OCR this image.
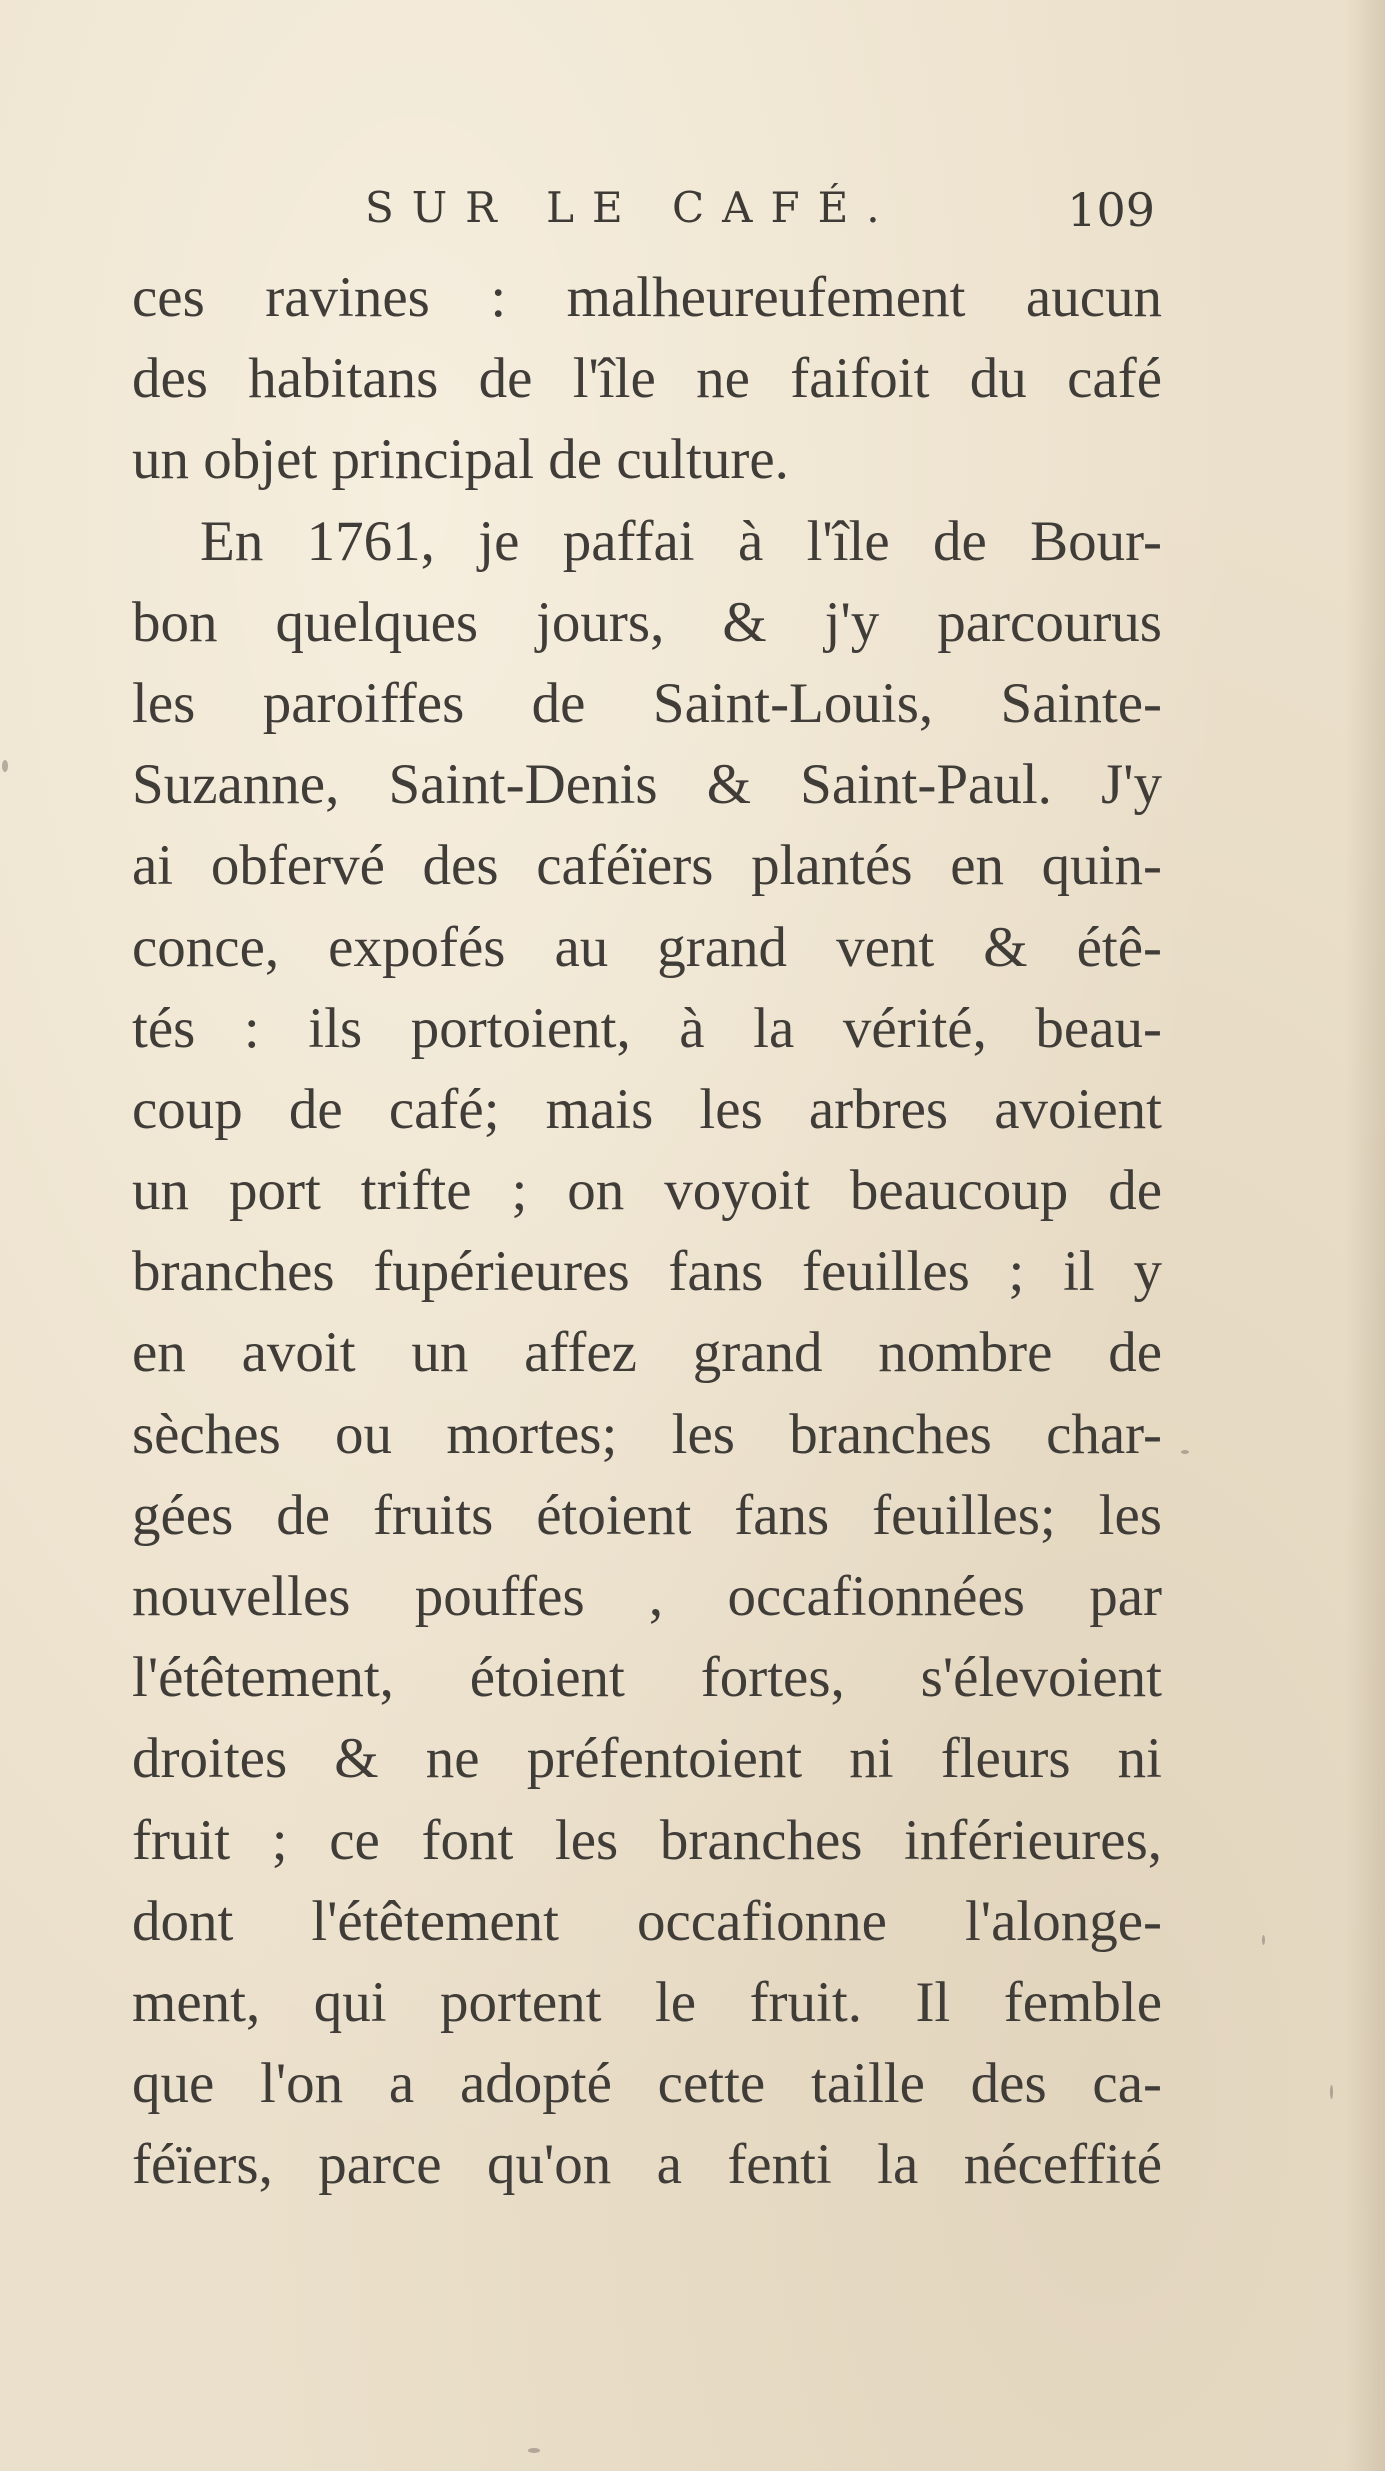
SUR LE CAFÉ.	109
ces ravines : malheureufement aucun
des habitans de l'île ne faifoit du café
un objet principal de culture.
En 1761, je paffai à l'île de Bour-
bon quelques jours, & j'y parcourus
les paroiffes de Saint-Louis, Sainte-
Suzanne, Saint-Denis & Saint-Paul. J'y
ai obfervé des caféïers plantés en quin-
conce, expofés au grand vent & étê-
tés : ils portoient, à la vérité, beau-
coup de café; mais les arbres avoient
un port trifte ; on voyoit beaucoup de
branches fupérieures fans feuilles ; il y
en avoit un affez grand nombre de
sèches ou mortes; les branches char-
gées de fruits étoient fans feuilles; les
nouvelles pouffes , occafionnées par
l'étêtement, étoient fortes, s'élevoient
droites & ne préfentoient ni fleurs ni
fruit ; ce font les branches inférieures,
dont l'étêtement occafionne l'alonge-
ment, qui portent le fruit. Il femble
que l'on a adopté cette taille des ca-
féïers, parce qu'on a fenti la néceffité
